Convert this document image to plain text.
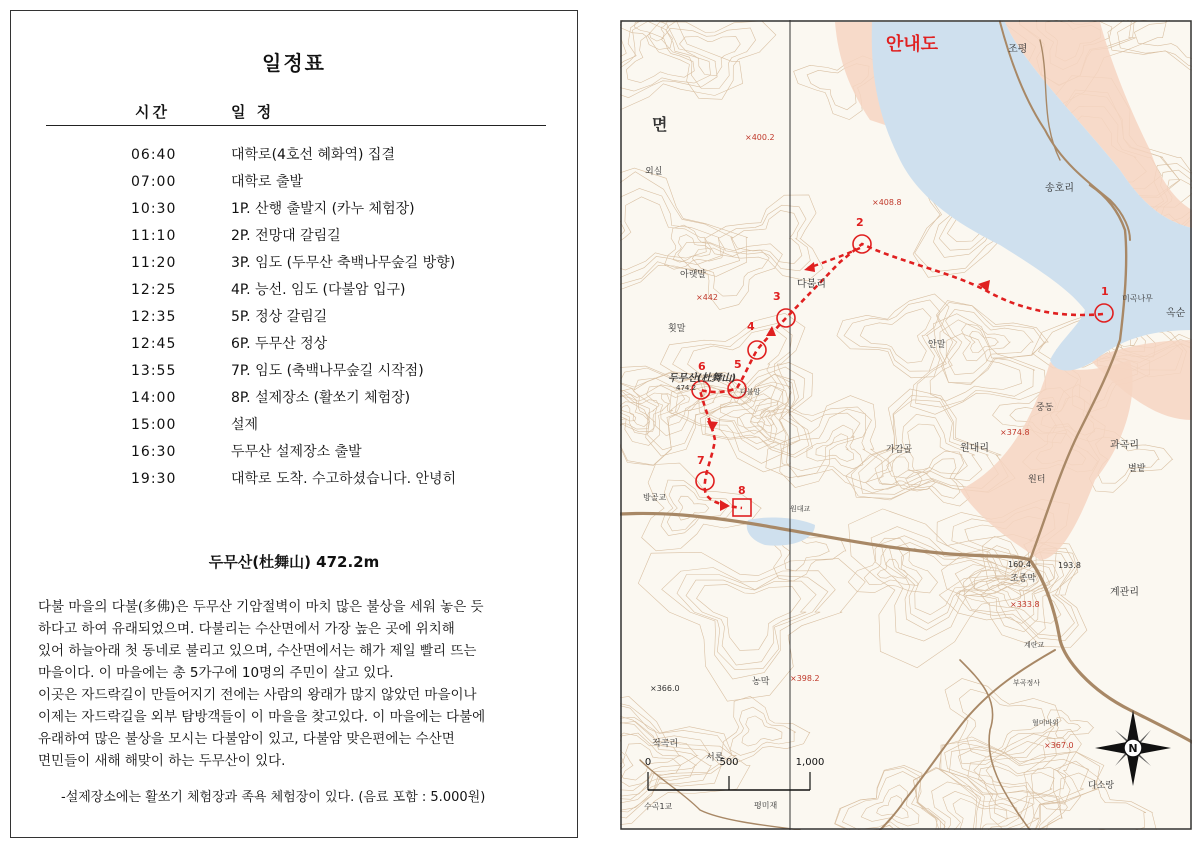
일정표
시간	일 정
06:40	대학로(4호선 혜화역) 집결
07:00	대학로 출발
10:30	1P. 산행 출발지 (카누 체험장)
11:10	2P. 전망대 갈림길
11:20	3P. 임도 (두무산 축백나무숲길 방향)
12:25	4P. 능선. 임도 (다불암 입구)
12:35	5P. 정상 갈림길
12:45	6P. 두무산 정상
13:55	7P. 임도 (축백나무숲길 시작점)
14:00	8P. 설제장소 (활쏘기 체험장)
15:00	설제
16:30	두무산 설제장소 출발
19:30	대학로 도착. 수고하셨습니다. 안녕히
두무산(杜舞山) 472.2m
다불 마을의 다불(多佛)은 두무산 기암절벽이 마치 많은 불상을 세워 놓은 듯
하다고 하여 유래되었으며. 다불리는 수산면에서 가장 높은 곳에 위치해
있어 하늘아래 첫 동네로 불리고 있으며, 수산면에서는 해가 제일 빨리 뜨는
마을이다. 이 마을에는 총 5가구에 10명의 주민이 살고 있다.
이곳은 자드락길이 만들어지기 전에는 사람의 왕래가 많지 않았던 마을이나
이제는 자드락길을 외부 탐방객들이 이 마을을 찾고있다. 이 마을에는 다불에
유래하여 많은 불상을 모시는 다불암이 있고, 다불암 맞은편에는 수산면
면민들이 새해 해맞이 하는 두무산이 있다.
-설제장소에는 활쏘기 체험장과 족욕 체험장이 있다. (음료 포함 : 5.000원)
1
2
3
4
5
6
7
8
조평
면
×400.2
외실
송호리
×408.8
다불리
×442
아랫말
미곡나무
옥순
횟말
안말
두무산(杜舞山)
474.2	다불암
중동
×374.8
가감골	원대리	과곡리
별밭
원터
방골교
원대교
160.4	193.8
조종막
×333.8
계관리
계란교
×398.2
농막
×366.0
부곡정사
혈미바위
×367.0
적곡리
서론
다소랑
평미재
수곡1교
안내도
0	500	1,000
N
